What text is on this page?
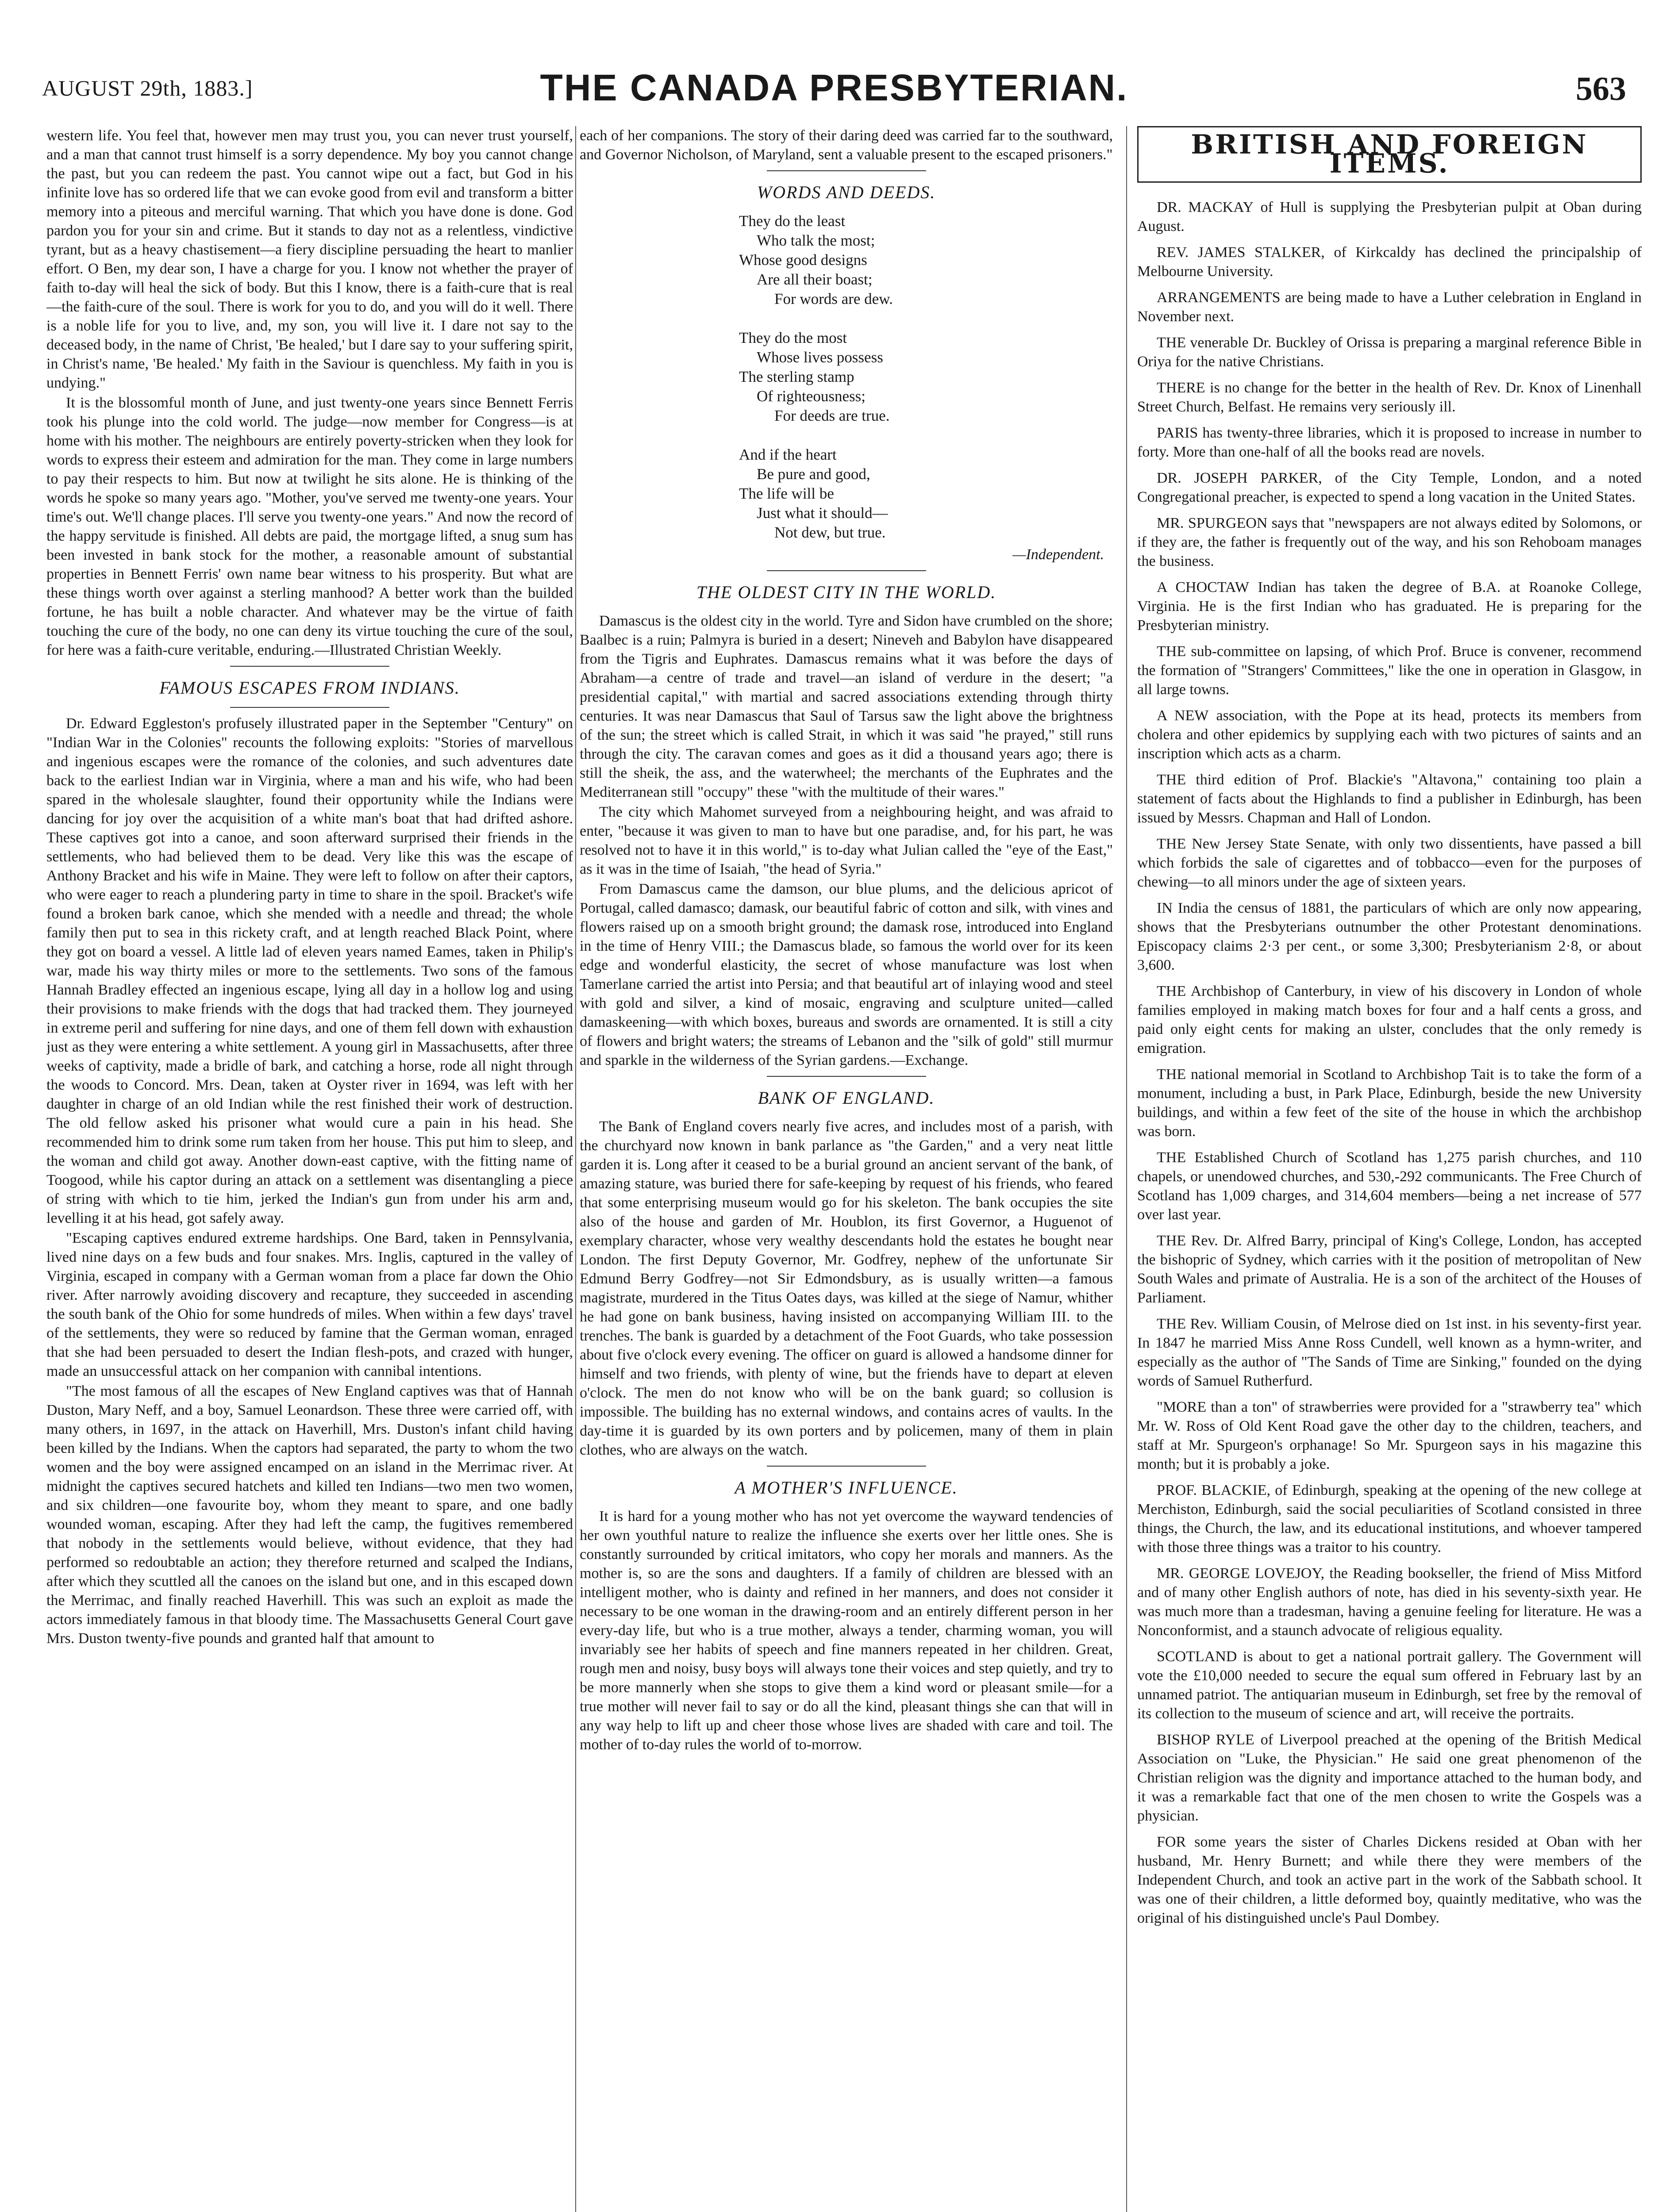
AUGUST 29th, 1883.]	THE CANADA PRESBYTERIAN.	563

western life. You feel that, however men may trust you, you can never trust yourself, and a man that cannot trust himself is a sorry dependence. My boy you cannot change the past, but you can redeem the past. You cannot wipe out a fact, but God in his infinite love has so ordered life that we can evoke good from evil and transform a bitter memory into a piteous and merciful warning. That which you have done is done. God pardon you for your sin and crime. But it stands to day not as a relentless, vindictive tyrant, but as a heavy chastisement—a fiery discipline persuading the heart to manlier effort. O Ben, my dear son, I have a charge for you. I know not whether the prayer of faith to-day will heal the sick of body. But this I know, there is a faith-cure that is real—the faith-cure of the soul. There is work for you to do, and you will do it well. There is a noble life for you to live, and, my son, you will live it. I dare not say to the deceased body, in the name of Christ, 'Be healed,' but I dare say to your suffering spirit, in Christ's name, 'Be healed.' My faith in the Saviour is quenchless. My faith in you is undying."

It is the blossomful month of June, and just twenty-one years since Bennett Ferris took his plunge into the cold world. The judge—now member for Congress—is at home with his mother. The neighbours are entirely poverty-stricken when they look for words to express their esteem and admiration for the man. They come in large numbers to pay their respects to him. But now at twilight he sits alone. He is thinking of the words he spoke so many years ago. "Mother, you've served me twenty-one years. Your time's out. We'll change places. I'll serve you twenty-one years." And now the record of the happy servitude is finished. All debts are paid, the mortgage lifted, a snug sum has been invested in bank stock for the mother, a reasonable amount of substantial properties in Bennett Ferris' own name bear witness to his prosperity. But what are these things worth over against a sterling manhood? A better work than the builded fortune, he has built a noble character. And whatever may be the virtue of faith touching the cure of the body, no one can deny its virtue touching the cure of the soul, for here was a faith-cure veritable, enduring.—Illustrated Christian Weekly.

FAMOUS ESCAPES FROM INDIANS.

Dr. Edward Eggleston's profusely illustrated paper in the September "Century" on "Indian War in the Colonies" recounts the following exploits: "Stories of marvellous and ingenious escapes were the romance of the colonies, and such adventures date back to the earliest Indian war in Virginia, where a man and his wife, who had been spared in the wholesale slaughter, found their opportunity while the Indians were dancing for joy over the acquisition of a white man's boat that had drifted ashore. These captives got into a canoe, and soon afterward surprised their friends in the settlements, who had believed them to be dead. Very like this was the escape of Anthony Bracket and his wife in Maine. They were left to follow on after their captors, who were eager to reach a plundering party in time to share in the spoil. Bracket's wife found a broken bark canoe, which she mended with a needle and thread; the whole family then put to sea in this rickety craft, and at length reached Black Point, where they got on board a vessel. A little lad of eleven years named Eames, taken in Philip's war, made his way thirty miles or more to the settlements. Two sons of the famous Hannah Bradley effected an ingenious escape, lying all day in a hollow log and using their provisions to make friends with the dogs that had tracked them. They journeyed in extreme peril and suffering for nine days, and one of them fell down with exhaustion just as they were entering a white settlement. A young girl in Massachusetts, after three weeks of captivity, made a bridle of bark, and catching a horse, rode all night through the woods to Concord. Mrs. Dean, taken at Oyster river in 1694, was left with her daughter in charge of an old Indian while the rest finished their work of destruction. The old fellow asked his prisoner what would cure a pain in his head. She recommended him to drink some rum taken from her house. This put him to sleep, and the woman and child got away. Another down-east captive, with the fitting name of Toogood, while his captor during an attack on a settlement was disentangling a piece of string with which to tie him, jerked the Indian's gun from under his arm and, levelling it at his head, got safely away.

"Escaping captives endured extreme hardships. One Bard, taken in Pennsylvania, lived nine days on a few buds and four snakes. Mrs. Inglis, captured in the valley of Virginia, escaped in company with a German woman from a place far down the Ohio river. After narrowly avoiding discovery and recapture, they succeeded in ascending the south bank of the Ohio for some hundreds of miles. When within a few days' travel of the settlements, they were so reduced by famine that the German woman, enraged that she had been persuaded to desert the Indian flesh-pots, and crazed with hunger, made an unsuccessful attack on her companion with cannibal intentions.

"The most famous of all the escapes of New England captives was that of Hannah Duston, Mary Neff, and a boy, Samuel Leonardson. These three were carried off, with many others, in 1697, in the attack on Haverhill, Mrs. Duston's infant child having been killed by the Indians. When the captors had separated, the party to whom the two women and the boy were assigned encamped on an island in the Merrimac river. At midnight the captives secured hatchets and killed ten Indians—two men two women, and six children—one favourite boy, whom they meant to spare, and one badly wounded woman, escaping. After they had left the camp, the fugitives remembered that nobody in the settlements would believe, without evidence, that they had performed so redoubtable an action; they therefore returned and scalped the Indians, after which they scuttled all the canoes on the island but one, and in this escaped down the Merrimac, and finally reached Haverhill. This was such an exploit as made the actors immediately famous in that bloody time. The Massachusetts General Court gave Mrs. Duston twenty-five pounds and granted half that amount to

each of her companions. The story of their daring deed was carried far to the southward, and Governor Nicholson, of Maryland, sent a valuable present to the escaped prisoners."

WORDS AND DEEDS.
They do the least
Who talk the most;
Whose good designs
Are all their boast;
For words are dew.

They do the most
Whose lives possess
The sterling stamp
Of righteousness;
For deeds are true.

And if the heart
Be pure and good,
The life will be
Just what it should—
Not dew, but true.
—Independent.
THE OLDEST CITY IN THE WORLD.

Damascus is the oldest city in the world. Tyre and Sidon have crumbled on the shore; Baalbec is a ruin; Palmyra is buried in a desert; Nineveh and Babylon have disappeared from the Tigris and Euphrates. Damascus remains what it was before the days of Abraham—a centre of trade and travel—an island of verdure in the desert; "a presidential capital," with martial and sacred associations extending through thirty centuries. It was near Damascus that Saul of Tarsus saw the light above the brightness of the sun; the street which is called Strait, in which it was said "he prayed," still runs through the city. The caravan comes and goes as it did a thousand years ago; there is still the sheik, the ass, and the waterwheel; the merchants of the Euphrates and the Mediterranean still "occupy" these "with the multitude of their wares."

The city which Mahomet surveyed from a neighbouring height, and was afraid to enter, "because it was given to man to have but one paradise, and, for his part, he was resolved not to have it in this world," is to-day what Julian called the "eye of the East," as it was in the time of Isaiah, "the head of Syria."

From Damascus came the damson, our blue plums, and the delicious apricot of Portugal, called damasco; damask, our beautiful fabric of cotton and silk, with vines and flowers raised up on a smooth bright ground; the damask rose, introduced into England in the time of Henry VIII.; the Damascus blade, so famous the world over for its keen edge and wonderful elasticity, the secret of whose manufacture was lost when Tamerlane carried the artist into Persia; and that beautiful art of inlaying wood and steel with gold and silver, a kind of mosaic, engraving and sculpture united—called damaskeening—with which boxes, bureaus and swords are ornamented. It is still a city of flowers and bright waters; the streams of Lebanon and the "silk of gold" still murmur and sparkle in the wilderness of the Syrian gardens.—Exchange.

BANK OF ENGLAND.

The Bank of England covers nearly five acres, and includes most of a parish, with the churchyard now known in bank parlance as "the Garden," and a very neat little garden it is. Long after it ceased to be a burial ground an ancient servant of the bank, of amazing stature, was buried there for safe-keeping by request of his friends, who feared that some enterprising museum would go for his skeleton. The bank occupies the site also of the house and garden of Mr. Houblon, its first Governor, a Huguenot of exemplary character, whose very wealthy descendants hold the estates he bought near London. The first Deputy Governor, Mr. Godfrey, nephew of the unfortunate Sir Edmund Berry Godfrey—not Sir Edmondsbury, as is usually written—a famous magistrate, murdered in the Titus Oates days, was killed at the siege of Namur, whither he had gone on bank business, having insisted on accompanying William III. to the trenches. The bank is guarded by a detachment of the Foot Guards, who take possession about five o'clock every evening. The officer on guard is allowed a handsome dinner for himself and two friends, with plenty of wine, but the friends have to depart at eleven o'clock. The men do not know who will be on the bank guard; so collusion is impossible. The building has no external windows, and contains acres of vaults. In the day-time it is guarded by its own porters and by policemen, many of them in plain clothes, who are always on the watch.

A MOTHER'S INFLUENCE.

It is hard for a young mother who has not yet overcome the wayward tendencies of her own youthful nature to realize the influence she exerts over her little ones. She is constantly surrounded by critical imitators, who copy her morals and manners. As the mother is, so are the sons and daughters. If a family of children are blessed with an intelligent mother, who is dainty and refined in her manners, and does not consider it necessary to be one woman in the drawing-room and an entirely different person in her every-day life, but who is a true mother, always a tender, charming woman, you will invariably see her habits of speech and fine manners repeated in her children. Great, rough men and noisy, busy boys will always tone their voices and step quietly, and try to be more mannerly when she stops to give them a kind word or pleasant smile—for a true mother will never fail to say or do all the kind, pleasant things she can that will in any way help to lift up and cheer those whose lives are shaded with care and toil. The mother of to-day rules the world of to-morrow.

BRITISH AND FOREIGN ITEMS.

DR. MACKAY of Hull is supplying the Presbyterian pulpit at Oban during August.

REV. JAMES STALKER, of Kirkcaldy has declined the principalship of Melbourne University.

ARRANGEMENTS are being made to have a Luther celebration in England in November next.

THE venerable Dr. Buckley of Orissa is preparing a marginal reference Bible in Oriya for the native Christians.

THERE is no change for the better in the health of Rev. Dr. Knox of Linenhall Street Church, Belfast. He remains very seriously ill.

PARIS has twenty-three libraries, which it is proposed to increase in number to forty. More than one-half of all the books read are novels.

DR. JOSEPH PARKER, of the City Temple, London, and a noted Congregational preacher, is expected to spend a long vacation in the United States.

MR. SPURGEON says that "newspapers are not always edited by Solomons, or if they are, the father is frequently out of the way, and his son Rehoboam manages the business.

A CHOCTAW Indian has taken the degree of B.A. at Roanoke College, Virginia. He is the first Indian who has graduated. He is preparing for the Presbyterian ministry.

THE sub-committee on lapsing, of which Prof. Bruce is convener, recommend the formation of "Strangers' Committees," like the one in operation in Glasgow, in all large towns.

A NEW association, with the Pope at its head, protects its members from cholera and other epidemics by supplying each with two pictures of saints and an inscription which acts as a charm.

THE third edition of Prof. Blackie's "Altavona," containing too plain a statement of facts about the Highlands to find a publisher in Edinburgh, has been issued by Messrs. Chapman and Hall of London.

THE New Jersey State Senate, with only two dissentients, have passed a bill which forbids the sale of cigarettes and of tobbacco—even for the purposes of chewing—to all minors under the age of sixteen years.

IN India the census of 1881, the particulars of which are only now appearing, shows that the Presbyterians outnumber the other Protestant denominations. Episcopacy claims 2·3 per cent., or some 3,300; Presbyterianism 2·8, or about 3,600.

THE Archbishop of Canterbury, in view of his discovery in London of whole families employed in making match boxes for four and a half cents a gross, and paid only eight cents for making an ulster, concludes that the only remedy is emigration.

THE national memorial in Scotland to Archbishop Tait is to take the form of a monument, including a bust, in Park Place, Edinburgh, beside the new University buildings, and within a few feet of the site of the house in which the archbishop was born.

THE Established Church of Scotland has 1,275 parish churches, and 110 chapels, or unendowed churches, and 530,-292 communicants. The Free Church of Scotland has 1,009 charges, and 314,604 members—being a net increase of 577 over last year.

THE Rev. Dr. Alfred Barry, principal of King's College, London, has accepted the bishopric of Sydney, which carries with it the position of metropolitan of New South Wales and primate of Australia. He is a son of the architect of the Houses of Parliament.

THE Rev. William Cousin, of Melrose died on 1st inst. in his seventy-first year. In 1847 he married Miss Anne Ross Cundell, well known as a hymn-writer, and especially as the author of "The Sands of Time are Sinking," founded on the dying words of Samuel Rutherfurd.

"MORE than a ton" of strawberries were provided for a "strawberry tea" which Mr. W. Ross of Old Kent Road gave the other day to the children, teachers, and staff at Mr. Spurgeon's orphanage! So Mr. Spurgeon says in his magazine this month; but it is probably a joke.

PROF. BLACKIE, of Edinburgh, speaking at the opening of the new college at Merchiston, Edinburgh, said the social peculiarities of Scotland consisted in three things, the Church, the law, and its educational institutions, and whoever tampered with those three things was a traitor to his country.

MR. GEORGE LOVEJOY, the Reading bookseller, the friend of Miss Mitford and of many other English authors of note, has died in his seventy-sixth year. He was much more than a tradesman, having a genuine feeling for literature. He was a Nonconformist, and a staunch advocate of religious equality.

SCOTLAND is about to get a national portrait gallery. The Government will vote the £10,000 needed to secure the equal sum offered in February last by an unnamed patriot. The antiquarian museum in Edinburgh, set free by the removal of its collection to the museum of science and art, will receive the portraits.

BISHOP RYLE of Liverpool preached at the opening of the British Medical Association on "Luke, the Physician." He said one great phenomenon of the Christian religion was the dignity and importance attached to the human body, and it was a remarkable fact that one of the men chosen to write the Gospels was a physician.

FOR some years the sister of Charles Dickens resided at Oban with her husband, Mr. Henry Burnett; and while there they were members of the Independent Church, and took an active part in the work of the Sabbath school. It was one of their children, a little deformed boy, quaintly meditative, who was the original of his distinguished uncle's Paul Dombey.
